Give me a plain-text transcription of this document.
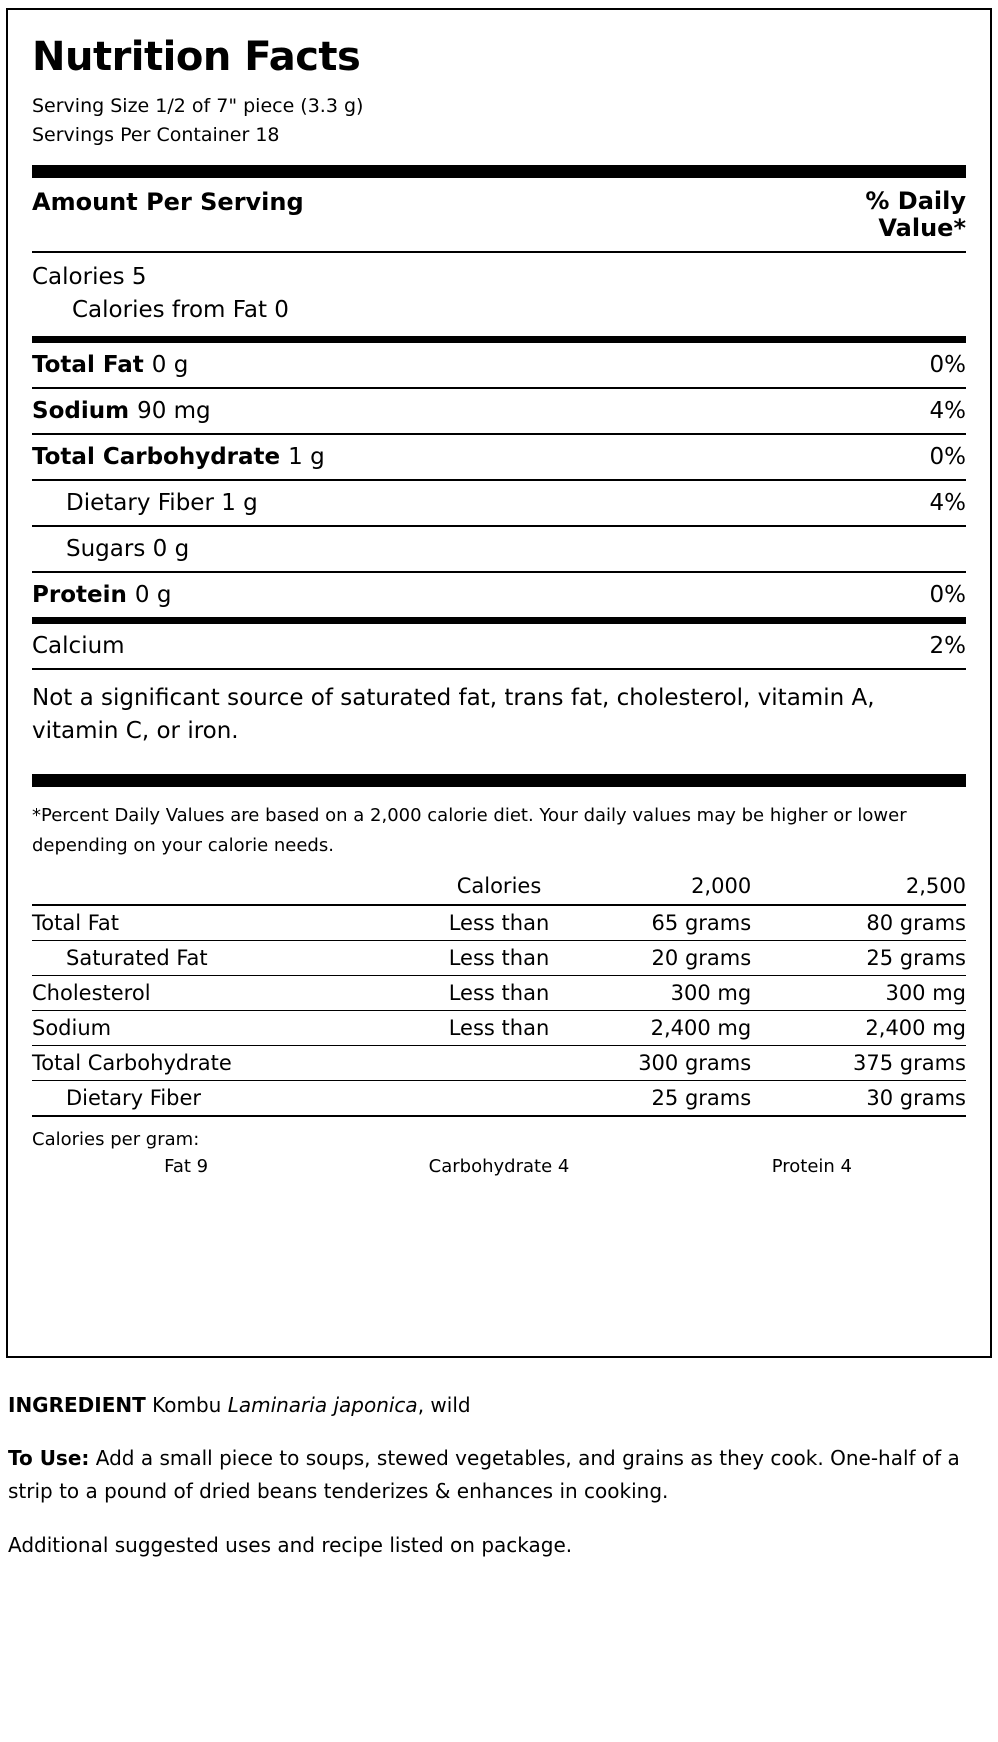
Nutrition Facts
Serving Size 1/2 of 7" piece (3.3 g)
Servings Per Container 18
Amount Per Serving	% Daily
Value*
Calories 5
Calories from Fat 0
Total Fat 0 g	0%
Sodium 90 mg	4%
Total Carbohydrate 1 g	0%
Dietary Fiber 1 g	4%
Sugars 0 g
Protein 0 g	0%
Calcium	2%
Not a significant source of saturated fat, trans fat, cholesterol, vitamin A, vitamin C, or iron.
*Percent Daily Values are based on a 2,000 calorie diet. Your daily values may be higher or lower depending on your calorie needs.
	Calories	2,000	2,500
Total Fat	Less than	65 grams	80 grams
Saturated Fat	Less than	20 grams	25 grams
Cholesterol	Less than	300 mg	300 mg
Sodium	Less than	2,400 mg	2,400 mg
Total Carbohydrate		300 grams	375 grams
Dietary Fiber		25 grams	30 grams
Calories per gram:
Fat 9	Carbohydrate 4	Protein 4
INGREDIENT Kombu Laminaria japonica, wild
To Use: Add a small piece to soups, stewed vegetables, and grains as they cook. One-half of a strip to a pound of dried beans tenderizes & enhances in cooking.
Additional suggested uses and recipe listed on package.
